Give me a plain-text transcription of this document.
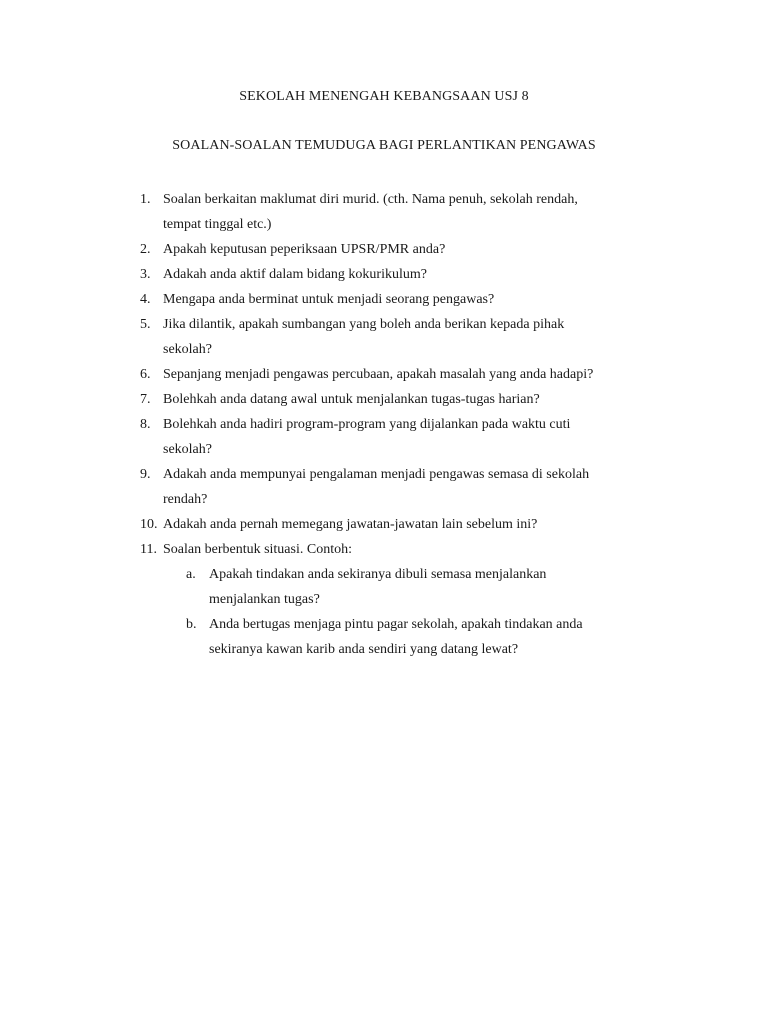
SEKOLAH MENENGAH KEBANGSAAN USJ 8
SOALAN-SOALAN TEMUDUGA BAGI PERLANTIKAN PENGAWAS
1. Soalan berkaitan maklumat diri murid. (cth. Nama penuh, sekolah rendah,
tempat tinggal etc.)
2. Apakah keputusan peperiksaan UPSR/PMR anda?
3. Adakah anda aktif dalam bidang kokurikulum?
4. Mengapa anda berminat untuk menjadi seorang pengawas?
5. Jika dilantik, apakah sumbangan yang boleh anda berikan kepada pihak
sekolah?
6. Sepanjang menjadi pengawas percubaan, apakah masalah yang anda hadapi?
7. Bolehkah anda datang awal untuk menjalankan tugas-tugas harian?
8. Bolehkah anda hadiri program-program yang dijalankan pada waktu cuti
sekolah?
9. Adakah anda mempunyai pengalaman menjadi pengawas semasa di sekolah
rendah?
10. Adakah anda pernah memegang jawatan-jawatan lain sebelum ini?
11. Soalan berbentuk situasi. Contoh:
a. Apakah tindakan anda sekiranya dibuli semasa menjalankan
menjalankan tugas?
b. Anda bertugas menjaga pintu pagar sekolah, apakah tindakan anda
sekiranya kawan karib anda sendiri yang datang lewat?
